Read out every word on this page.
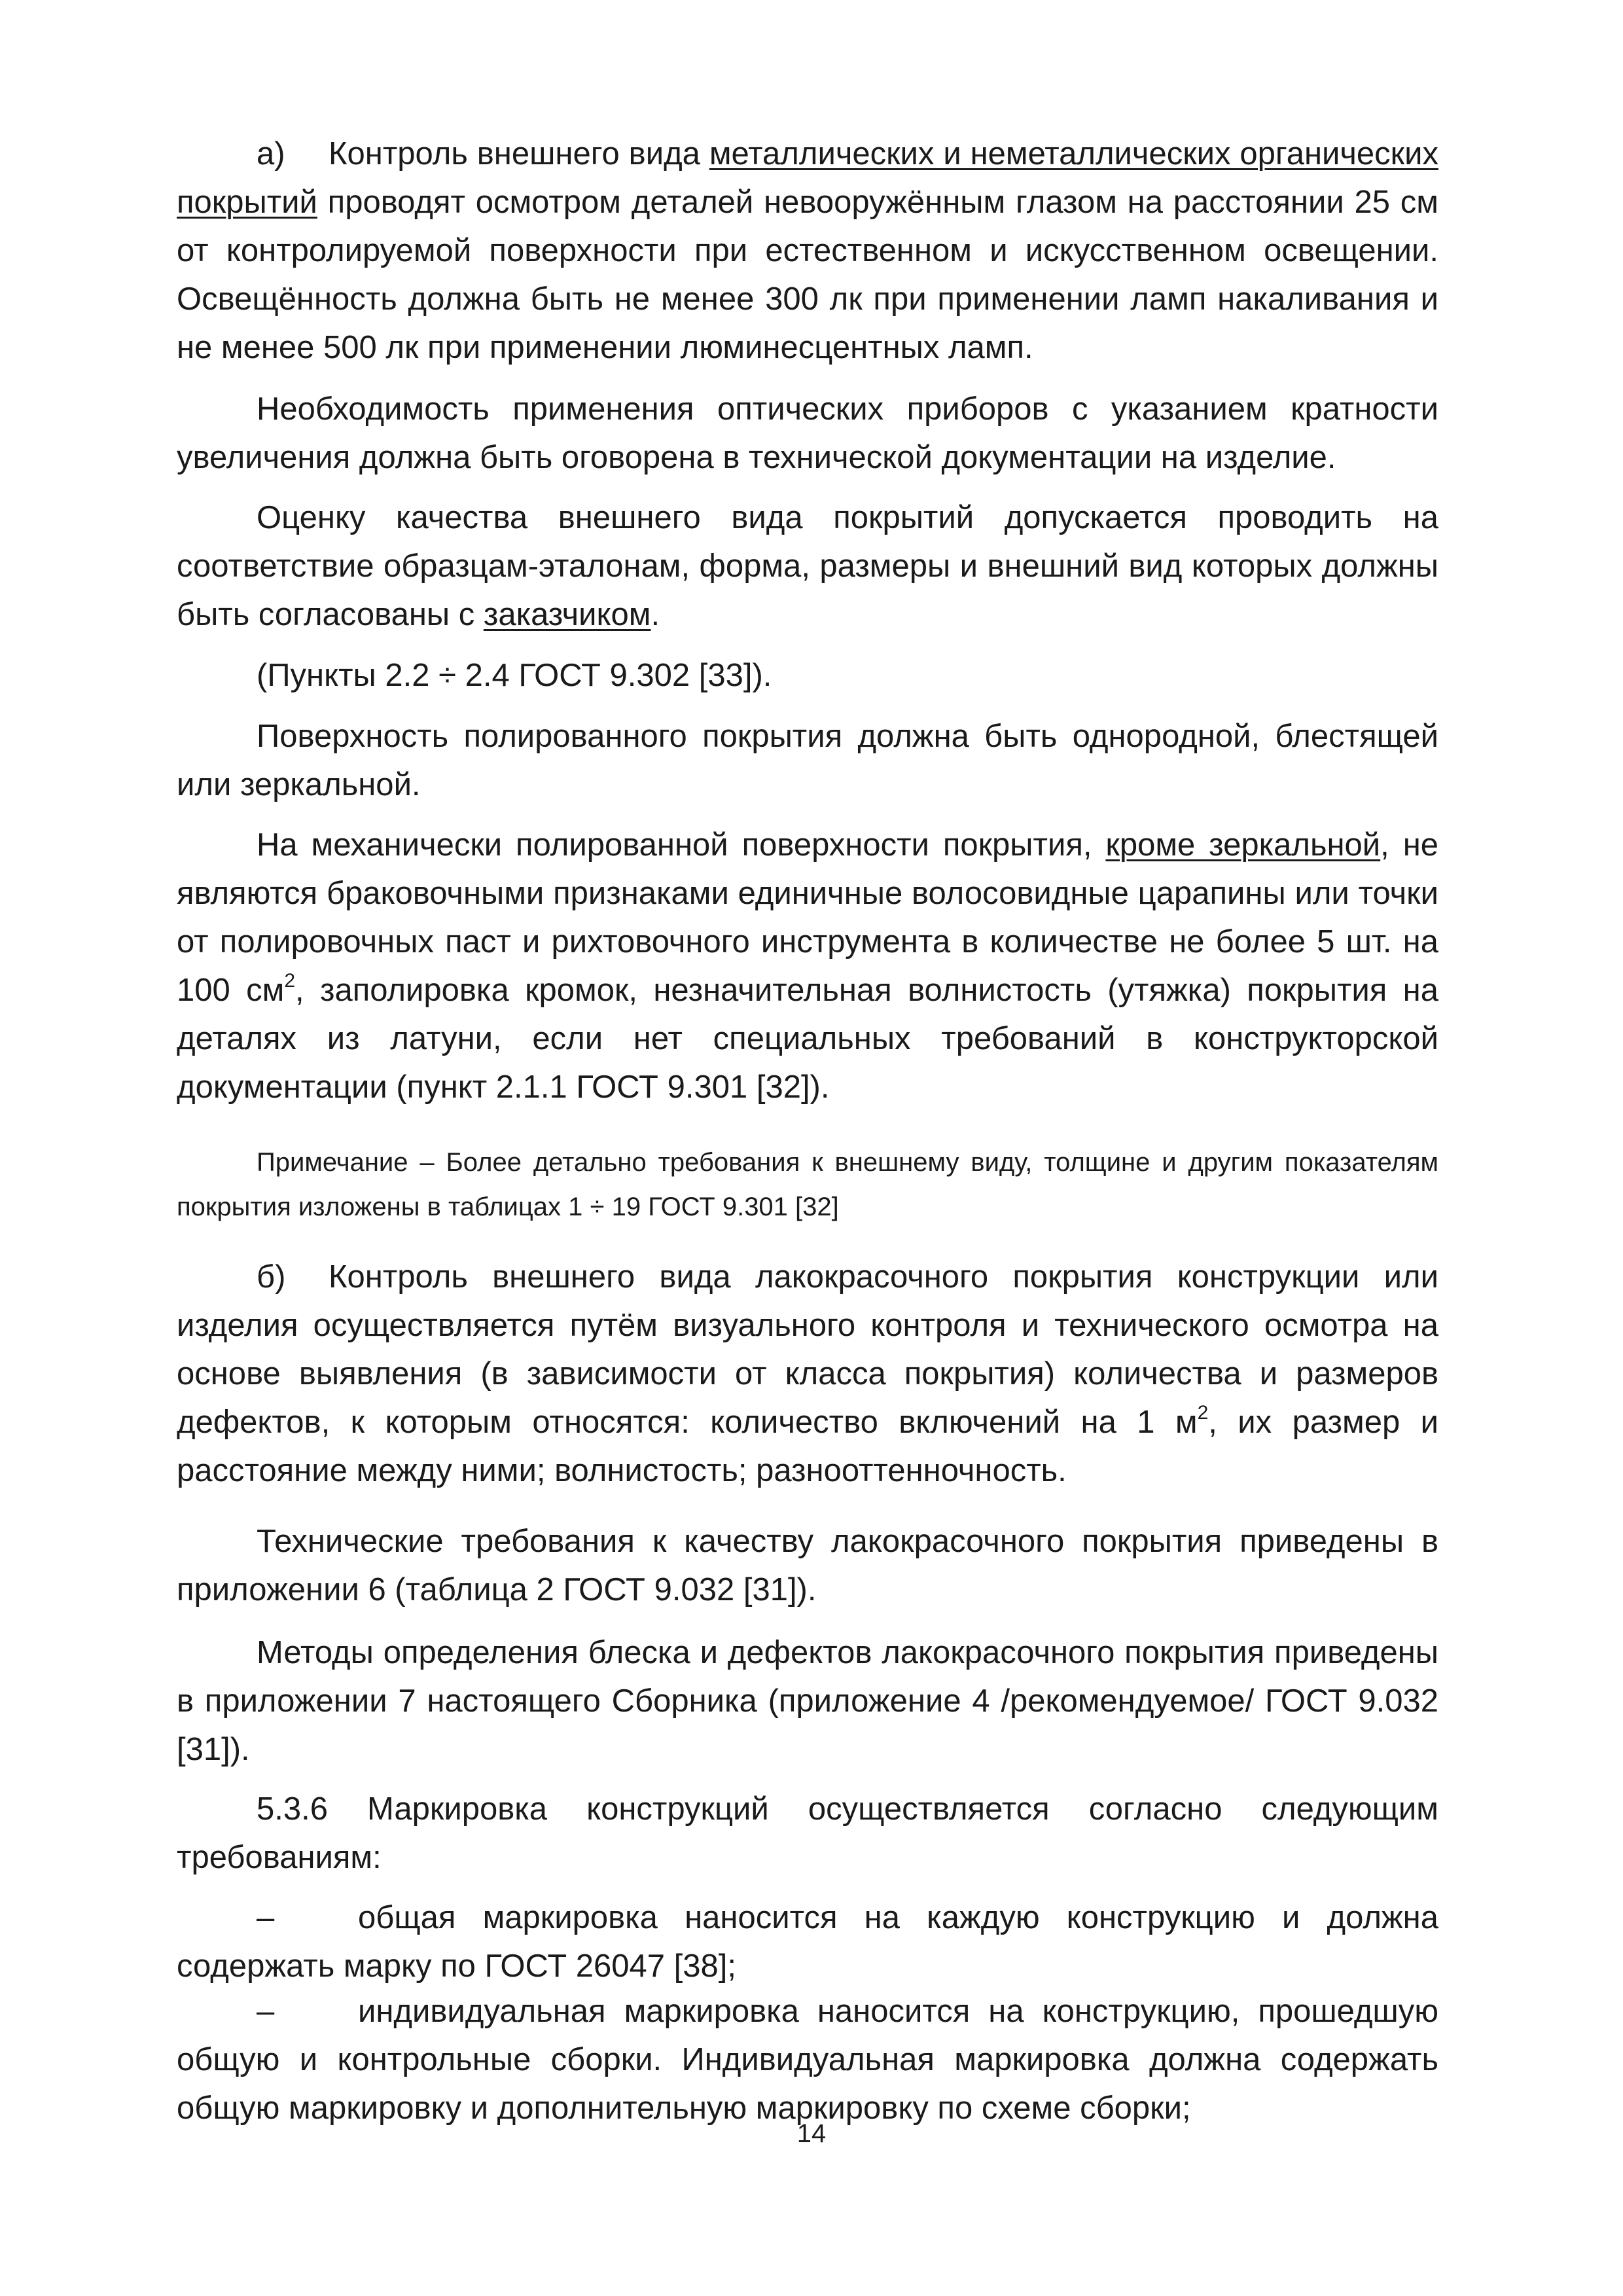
а) Контроль внешнего вида металлических и неметаллических органических покрытий проводят осмотром деталей невооружённым глазом на расстоянии 25 см от контролируемой поверхности при естественном и искусственном освещении. Освещённость должна быть не менее 300 лк при применении ламп накаливания и не менее 500 лк при применении люминесцентных ламп.

Необходимость применения оптических приборов с указанием кратности увеличения должна быть оговорена в технической документации на изделие.

Оценку качества внешнего вида покрытий допускается проводить на соответствие образцам-эталонам, форма, размеры и внешний вид которых должны быть согласованы с заказчиком.

(Пункты 2.2 ÷ 2.4 ГОСТ 9.302 [33]).

Поверхность полированного покрытия должна быть однородной, блестящей или зеркальной.

На механически полированной поверхности покрытия, кроме зеркальной, не являются браковочными признаками единичные волосовидные царапины или точки от полировочных паст и рихтовочного инструмента в количестве не более 5 шт. на 100 $см^2$, заполировка кромок, незначительная волнистость (утяжка) покрытия на деталях из латуни, если нет специальных требований в конструкторской документации (пункт 2.1.1 ГОСТ 9.301 [32]).

Примечание – Более детально требования к внешнему виду, толщине и другим показателям покрытия изложены в таблицах 1 ÷ 19 ГОСТ 9.301 [32]

б) Контроль внешнего вида лакокрасочного покрытия конструкции или изделия осуществляется путём визуального контроля и технического осмотра на основе выявления (в зависимости от класса покрытия) количества и размеров дефектов, к которым относятся: количество включений на 1 $м^2$, их размер и расстояние между ними; волнистость; разнооттенночность.

Технические требования к качеству лакокрасочного покрытия приведены в приложении 6 (таблица 2 ГОСТ 9.032 [31]).

Методы определения блеска и дефектов лакокрасочного покрытия приведены в приложении 7 настоящего Сборника (приложение 4 /рекомендуемое/ ГОСТ 9.032 [31]).

5.3.6 Маркировка конструкций осуществляется согласно следующим требованиям:

–	общая маркировка наносится на каждую конструкцию и должна содержать марку по ГОСТ 26047 [38];

–	индивидуальная маркировка наносится на конструкцию, прошедшую общую и контрольные сборки. Индивидуальная маркировка должна содержать общую маркировку и дополнительную маркировку по схеме сборки;

14
